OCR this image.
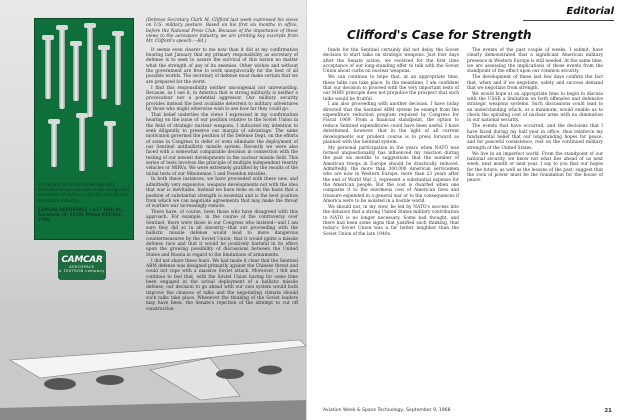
Combining technical knowledge with manufacturing know-how in the design and production of fasteners for the aircraft and aerospace industry.
CAMCAR AEROSPACE • 617 10th St., Rockford, Ill. 61101 Phone 815/963-7786
CAMCAR
AEROSPACE
a TEXTRON company

(Defense Secretary Clark M. Clifford last week expressed his views on U.S. military posture. Based on his first six months in office, before the National Press Club. Because of the importance of these views to the aerospace industry, we are printing key excerpts from Mr. Clifford's speech.—Ed.)

It seems even clearer to me now than it did at my confirmation hearing last January that my primary responsibility as secretary of defense is to seek to assure the survival of this nation no matter what the strength of any of its enemies. Other wishes and without the government are free to work unequivocally for the best of all possible worlds. The secretary of defense must make certain that we are prepared for the worst.

I find this responsibility neither uncongenial nor unrewarding. Because, as I see it, in America that is strong militarily is neither a provocateur nor a potential aggressor. Our military security provides instead the best available deterrent to military adventures by those who might otherwise wish to see how far they could go.

That belief underlies the views I expressed in my confirmation hearing on the issue of our position relative to the Soviet Union in the field of strategic nuclear weapons. I indicated my intention to seek diligently to preserve our margin of advantage. The same motivation governed the position of the Defense Dept. on the efforts of some in Congress to defer or even eliminate the deployment of our Sentinel antiballistic missile system. Recently we were also faced with a somewhat comparable decision in connection with the testing of our newest developments in the nuclear missile field. This series of tests involves the principle of multiple independent reentry vehicles or MIRVs. We were extremely gratified by the results of the initial tests of our Minuteman 3 and Poseidon missiles.

In both these instances, we have proceeded with these new, and admittedly very expensive, weapons developments not with the idea that war is inevitable. Instead we have done so on the basis that a position of substantial strength is essential and is the best position from which we can negotiate agreements that may make the threat of warfare war increasingly remote.

There have, of course, been those who have disagreed with this approach. For example, in the course of the controversy over Sentinel, there were those in our Congress who insisted—and I am sure they did so in all sincerity—that our proceeding with the ballistic missile defense would lead to more dangerous countermeasures by the Soviet Union; that it would ignite a missile defense race and that it would be positively harmful in its effect upon the growing possibility of discussions between the United States and Russia in regard to the limitations of armaments.

I did not share these fears. We had made it clear that the Sentinel ABM defense was designed primarily against the Chinese threat and could not cope with a massive Soviet attack. Moreover, I felt and continue to feel that, with the Soviet Union having for some time been engaged in the actual deployment of a ballistic missile defense, our decision to go ahead with our own system would both improve the chances of talks and the negotiating climate should such talks take place. Whenever the thinking of the Soviet leaders may have been, the Senate's rejection of the attempt to cut off construction

Editorial
Clifford's Case for Strength

funds for the Sentinel certainly did not delay the Soviet decision to start talks on strategic weapons. Just four days after the Senate action, we received for the first time acceptance of our long-standing offer to talk with the Soviet Union about curbs on nuclear weapons.

We can continue to hope that, at an appropriate time, these talks can take place. In the meantime, I am confident that our decision to proceed with the very important tests of our MIRV principle does not prejudice the prospect that such talks would be fruitful.

I am also proceeding with another decision. I have today directed that the Sentinel ABM system be exempt from the expenditure reduction program required by Congress for Fiscal 1969. From a financial standpoint, the option to reduce Sentinel expenditures could have been useful. I have determined, however, that in the light of all current developments our prudent course is to press forward as planned with the Sentinel system.

My personal participation in the years when NATO was formed unquestionably has influenced my reaction during the past six months to suggestions that the number of American troops in Europe should be drastically reduced. Admittedly, the more than 300,000 American servicemen who are now in Western Europe, more than 23 years after the end of World War 2, represent a substantial expense for the American people. But the cost is dwarfed when one compares it to the enormous cost of American lives and treasure expended in a general war or to the consequences if America were to be isolated in a hostile world.

We should not, in my view, be led by NATO's success into the delusion that a strong United States military contribution to NATO is no longer necessary. Some bad thought, and there had been some signs that justified such thinking, that today's Soviet Union was a far better neighbor than the Soviet Union of the late 1940s.

The events of the past couple of weeks, I submit, have clearly demonstrated that a significant American military presence in Western Europe is still needed. At the same time, we are assessing the implications of these events from the standpoint of the effect upon our common security.

The development of these last few days confirm the fact that, when and if we negotiate, safety and success demand that we negotiate from strength.

We would hope at an appropriate time to begin to discuss with the USSR a limitation on both offensive and defensive strategic weapons systems. Such discussions could lead to an understanding which, at a minimum, would enable us to check the spiraling cost of nuclear arms with no diminution in our national security.

The events that have occurred, and the decisions that I have faced during my half year in office, thus reinforce my fundamental belief that our longstanding hopes for peace, and for peaceful coexistence, rest on the continued military strength of the United States.

We live in an imperfect world. From the standpoint of our national security, we know not what lies ahead of us next week, next month or next year. I say to you that our hopes for the future, as well as the lessons of the past, suggest that the rock of power must be the foundation for the house of peace.

Aviation Week & Space Technology, September 9, 1968	21
